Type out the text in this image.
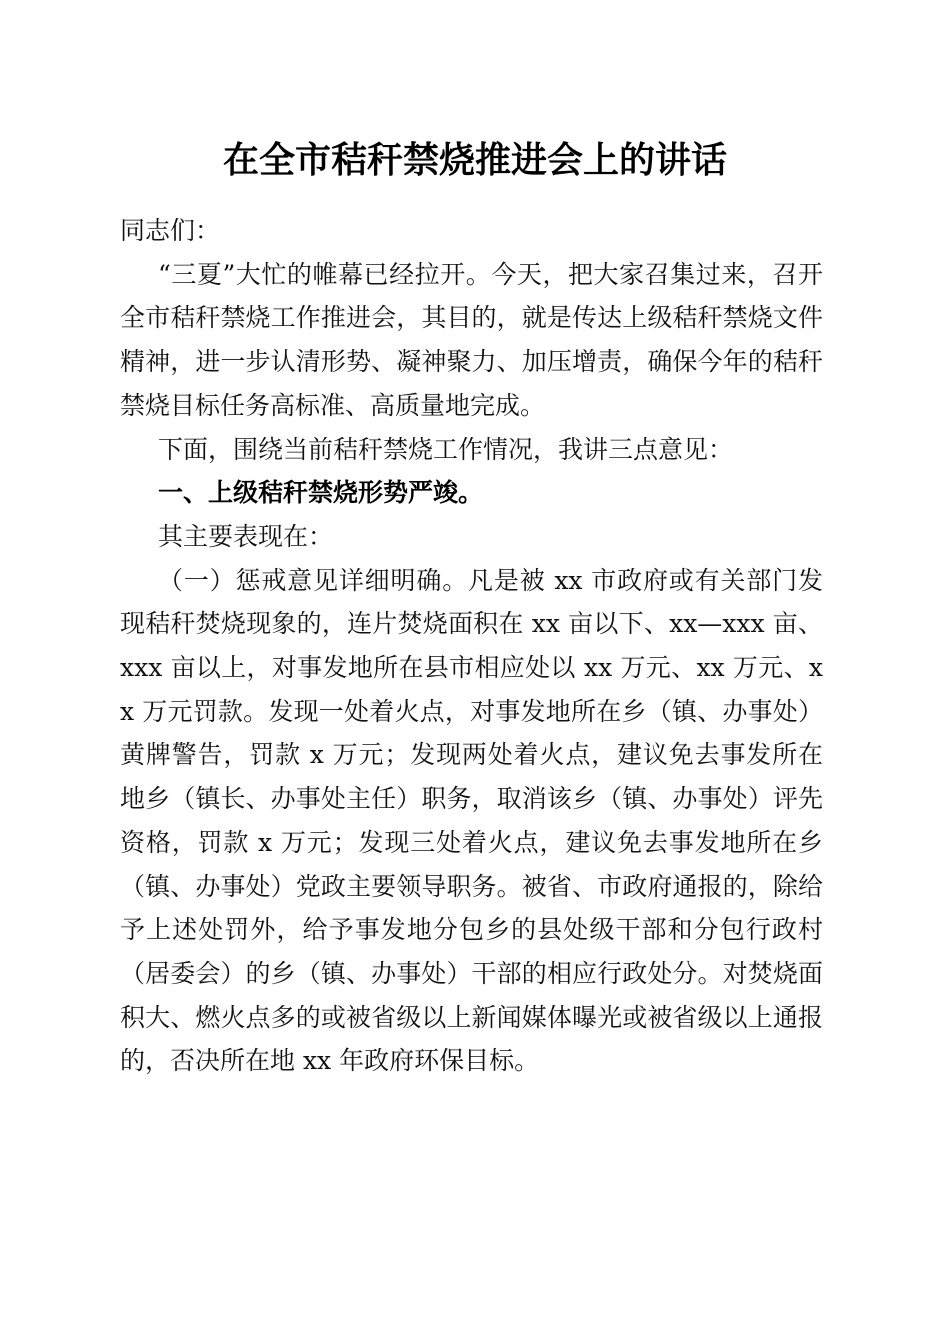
在全市秸秆禁烧推进会上的讲话

同志们：

“三夏”大忙的帷幕已经拉开。今天，把大家召集过来，召开全市秸秆禁烧工作推进会，其目的，就是传达上级秸秆禁烧文件精神，进一步认清形势、凝神聚力、加压增责，确保今年的秸秆禁烧目标任务高标准、高质量地完成。

下面，围绕当前秸秆禁烧工作情况，我讲三点意见：

一、上级秸秆禁烧形势严竣。

其主要表现在：

（一）惩戒意见详细明确。凡是被 xx 市政府或有关部门发现秸秆焚烧现象的，连片焚烧面积在 xx 亩以下、xx—xxx 亩、xxx 亩以上，对事发地所在县市相应处以 xx 万元、xx 万元、xx 万元罚款。发现一处着火点，对事发地所在乡（镇、办事处）黄牌警告，罚款 x 万元；发现两处着火点，建议免去事发所在地乡（镇长、办事处主任）职务，取消该乡（镇、办事处）评先资格，罚款 x 万元；发现三处着火点，建议免去事发地所在乡（镇、办事处）党政主要领导职务。被省、市政府通报的，除给予上述处罚外，给予事发地分包乡的县处级干部和分包行政村（居委会）的乡（镇、办事处）干部的相应行政处分。对焚烧面积大、燃火点多的或被省级以上新闻媒体曝光或被省级以上通报的，否决所在地 xx 年政府环保目标。
